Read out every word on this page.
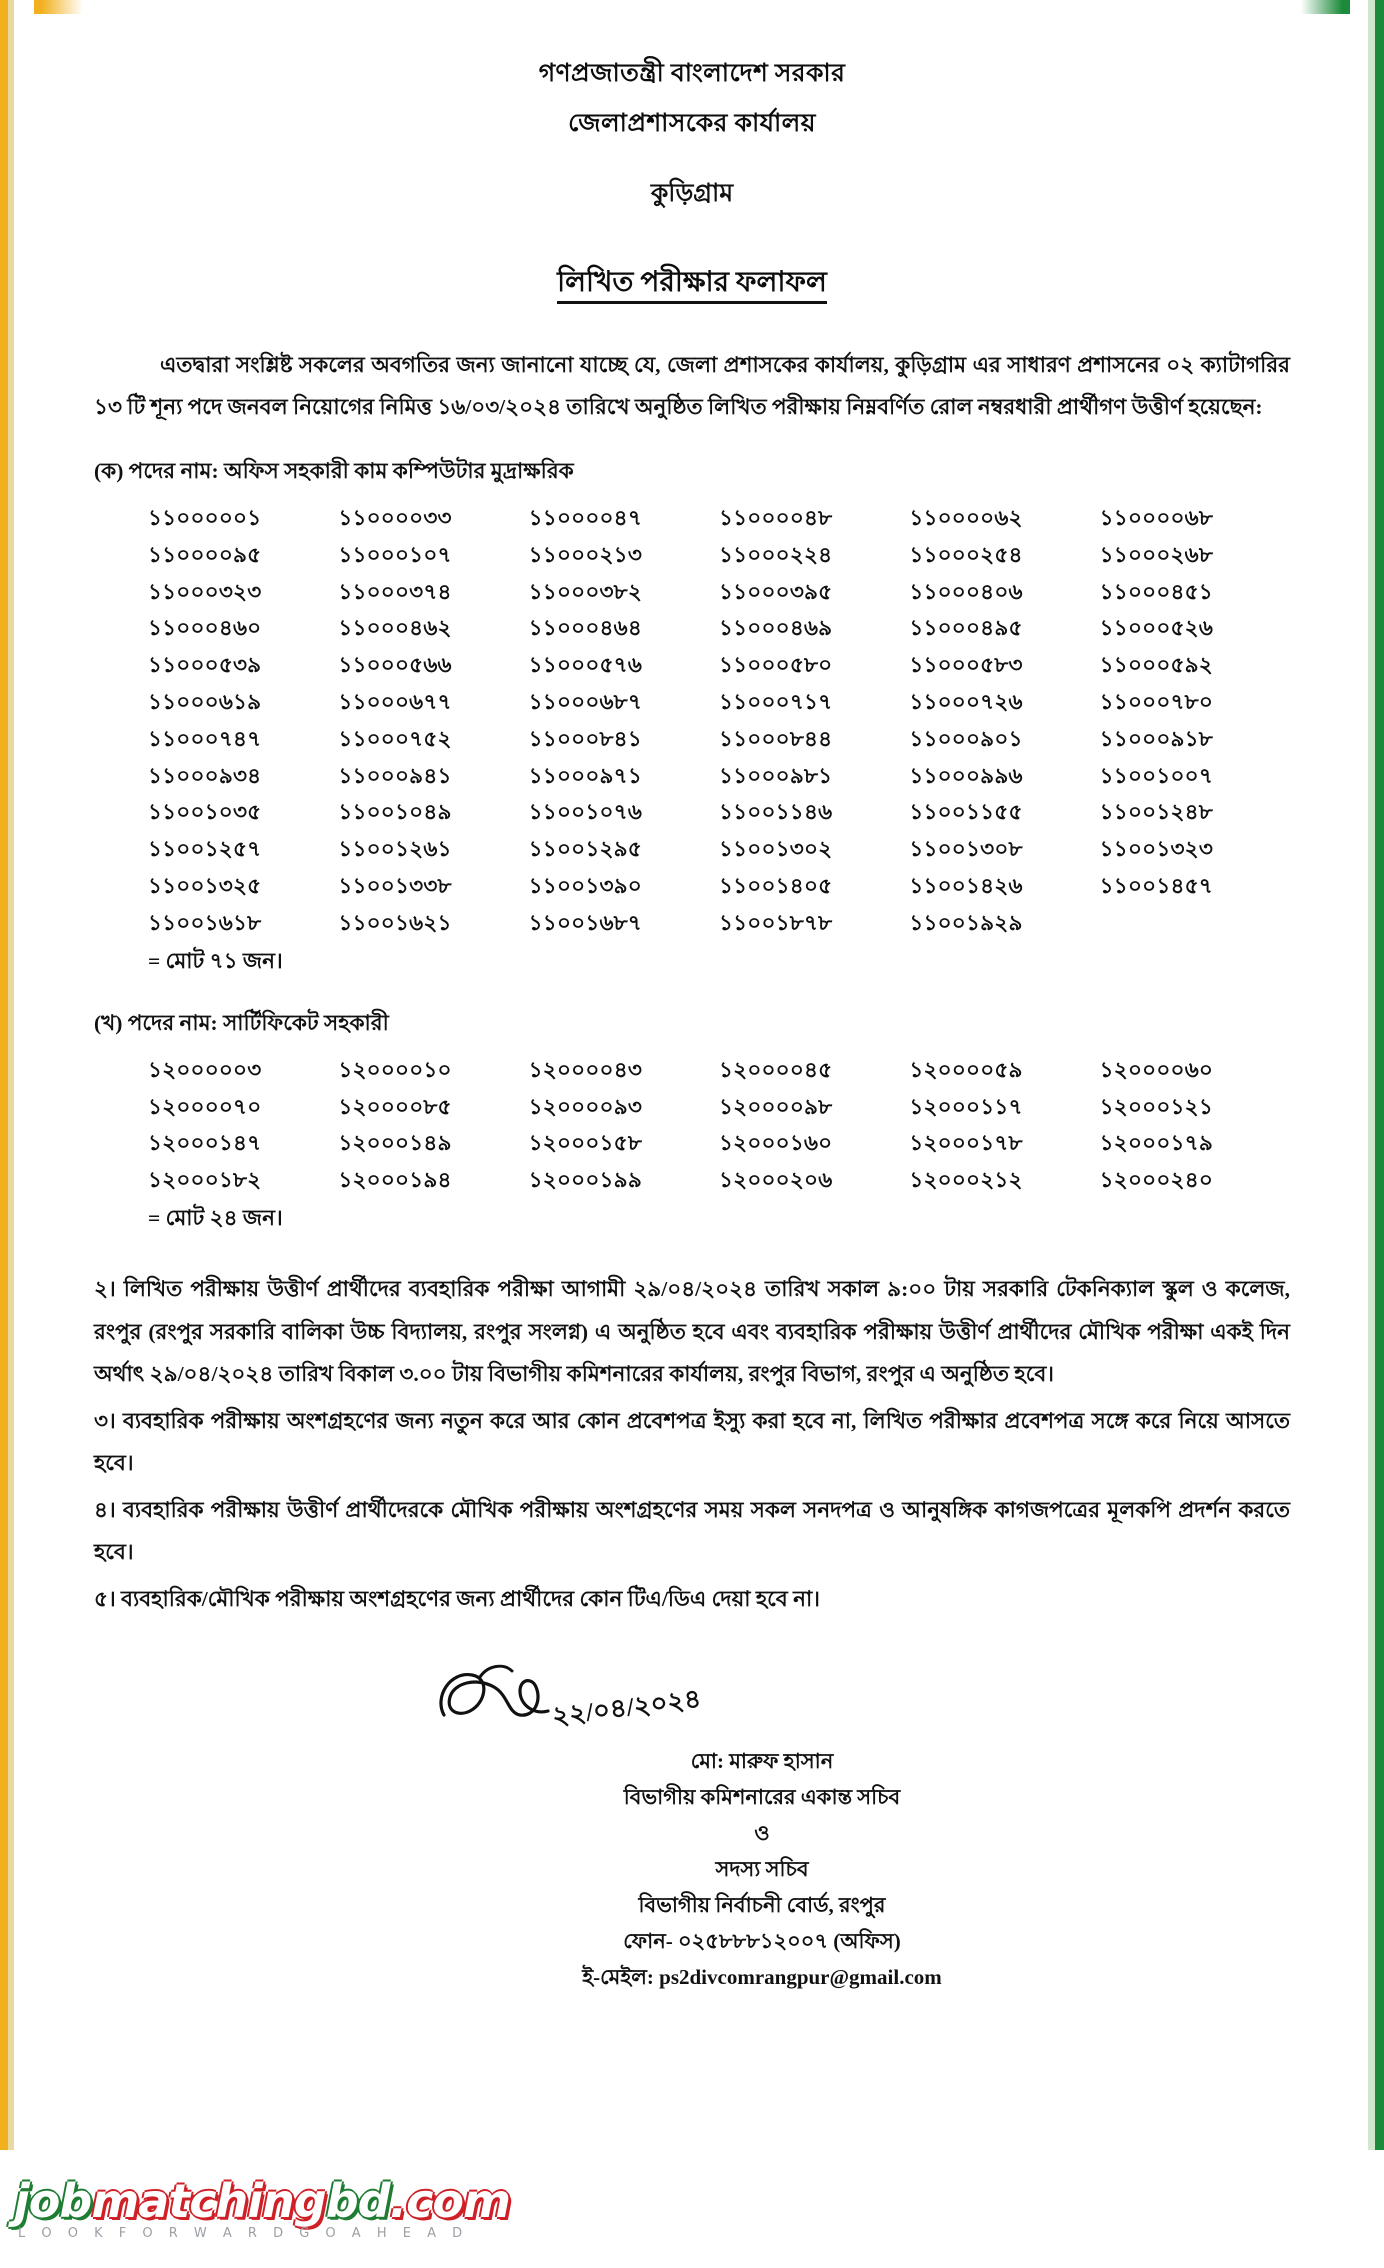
গণপ্রজাতন্ত্রী বাংলাদেশ সরকার
জেলাপ্রশাসকের কার্যালয়
কুড়িগ্রাম
লিখিত পরীক্ষার ফলাফল
এতদ্বারা সংশ্লিষ্ট সকলের অবগতির জন্য জানানো যাচ্ছে যে, জেলা প্রশাসকের কার্যালয়, কুড়িগ্রাম এর সাধারণ প্রশাসনের ০২ ক্যাটাগরির ১৩ টি শূন্য পদে জনবল নিয়োগের নিমিত্ত ১৬/০৩/২০২৪ তারিখে অনুষ্ঠিত লিখিত পরীক্ষায় নিম্নবর্ণিত রোল নম্বরধারী প্রার্থীগণ উত্তীর্ণ হয়েছেন:
(ক) পদের নাম: অফিস সহকারী কাম কম্পিউটার মুদ্রাক্ষরিক
১১০০০০০১	১১০০০০৩৩	১১০০০০৪৭	১১০০০০৪৮	১১০০০০৬২	১১০০০০৬৮
১১০০০০৯৫	১১০০০১০৭	১১০০০২১৩	১১০০০২২৪	১১০০০২৫৪	১১০০০২৬৮
১১০০০৩২৩	১১০০০৩৭৪	১১০০০৩৮২	১১০০০৩৯৫	১১০০০৪০৬	১১০০০৪৫১
১১০০০৪৬০	১১০০০৪৬২	১১০০০৪৬৪	১১০০০৪৬৯	১১০০০৪৯৫	১১০০০৫২৬
১১০০০৫৩৯	১১০০০৫৬৬	১১০০০৫৭৬	১১০০০৫৮০	১১০০০৫৮৩	১১০০০৫৯২
১১০০০৬১৯	১১০০০৬৭৭	১১০০০৬৮৭	১১০০০৭১৭	১১০০০৭২৬	১১০০০৭৮০
১১০০০৭৪৭	১১০০০৭৫২	১১০০০৮৪১	১১০০০৮৪৪	১১০০০৯০১	১১০০০৯১৮
১১০০০৯৩৪	১১০০০৯৪১	১১০০০৯৭১	১১০০০৯৮১	১১০০০৯৯৬	১১০০১০০৭
১১০০১০৩৫	১১০০১০৪৯	১১০০১০৭৬	১১০০১১৪৬	১১০০১১৫৫	১১০০১২৪৮
১১০০১২৫৭	১১০০১২৬১	১১০০১২৯৫	১১০০১৩০২	১১০০১৩০৮	১১০০১৩২৩
১১০০১৩২৫	১১০০১৩৩৮	১১০০১৩৯০	১১০০১৪০৫	১১০০১৪২৬	১১০০১৪৫৭
১১০০১৬১৮	১১০০১৬২১	১১০০১৬৮৭	১১০০১৮৭৮	১১০০১৯২৯
= মোট ৭১ জন।
(খ) পদের নাম: সার্টিফিকেট সহকারী
১২০০০০০৩	১২০০০০১০	১২০০০০৪৩	১২০০০০৪৫	১২০০০০৫৯	১২০০০০৬০
১২০০০০৭০	১২০০০০৮৫	১২০০০০৯৩	১২০০০০৯৮	১২০০০১১৭	১২০০০১২১
১২০০০১৪৭	১২০০০১৪৯	১২০০০১৫৮	১২০০০১৬০	১২০০০১৭৮	১২০০০১৭৯
১২০০০১৮২	১২০০০১৯৪	১২০০০১৯৯	১২০০০২০৬	১২০০০২১২	১২০০০২৪০
= মোট ২৪ জন।
২। লিখিত পরীক্ষায় উত্তীর্ণ প্রার্থীদের ব্যবহারিক পরীক্ষা আগামী ২৯/০৪/২০২৪ তারিখ সকাল ৯:০০ টায় সরকারি টেকনিক্যাল স্কুল ও কলেজ, রংপুর (রংপুর সরকারি বালিকা উচ্চ বিদ্যালয়, রংপুর সংলগ্ন) এ অনুষ্ঠিত হবে এবং ব্যবহারিক পরীক্ষায় উত্তীর্ণ প্রার্থীদের মৌখিক পরীক্ষা একই দিন অর্থাৎ ২৯/০৪/২০২৪ তারিখ বিকাল ৩.০০ টায় বিভাগীয় কমিশনারের কার্যালয়, রংপুর বিভাগ, রংপুর এ অনুষ্ঠিত হবে।
৩। ব্যবহারিক পরীক্ষায় অংশগ্রহণের জন্য নতুন করে আর কোন প্রবেশপত্র ইস্যু করা হবে না, লিখিত পরীক্ষার প্রবেশপত্র সঙ্গে করে নিয়ে আসতে হবে।
৪। ব্যবহারিক পরীক্ষায় উত্তীর্ণ প্রার্থীদেরকে মৌখিক পরীক্ষায় অংশগ্রহণের সময় সকল সনদপত্র ও আনুষঙ্গিক কাগজপত্রের মূলকপি প্রদর্শন করতে হবে।
৫। ব্যবহারিক/মৌখিক পরীক্ষায় অংশগ্রহণের জন্য প্রার্থীদের কোন টিএ/ডিএ দেয়া হবে না।
২২/০৪/২০২৪
মো: মারুফ হাসান
বিভাগীয় কমিশনারের একান্ত সচিব
ও
সদস্য সচিব
বিভাগীয় নির্বাচনী বোর্ড, রংপুর
ফোন- ০২৫৮৮৮১২০০৭ (অফিস)
ই-মেইল: ps2divcomrangpur@gmail.com
jobmatchingbd.com
L O O K F O R W A R D G O A H E A D
